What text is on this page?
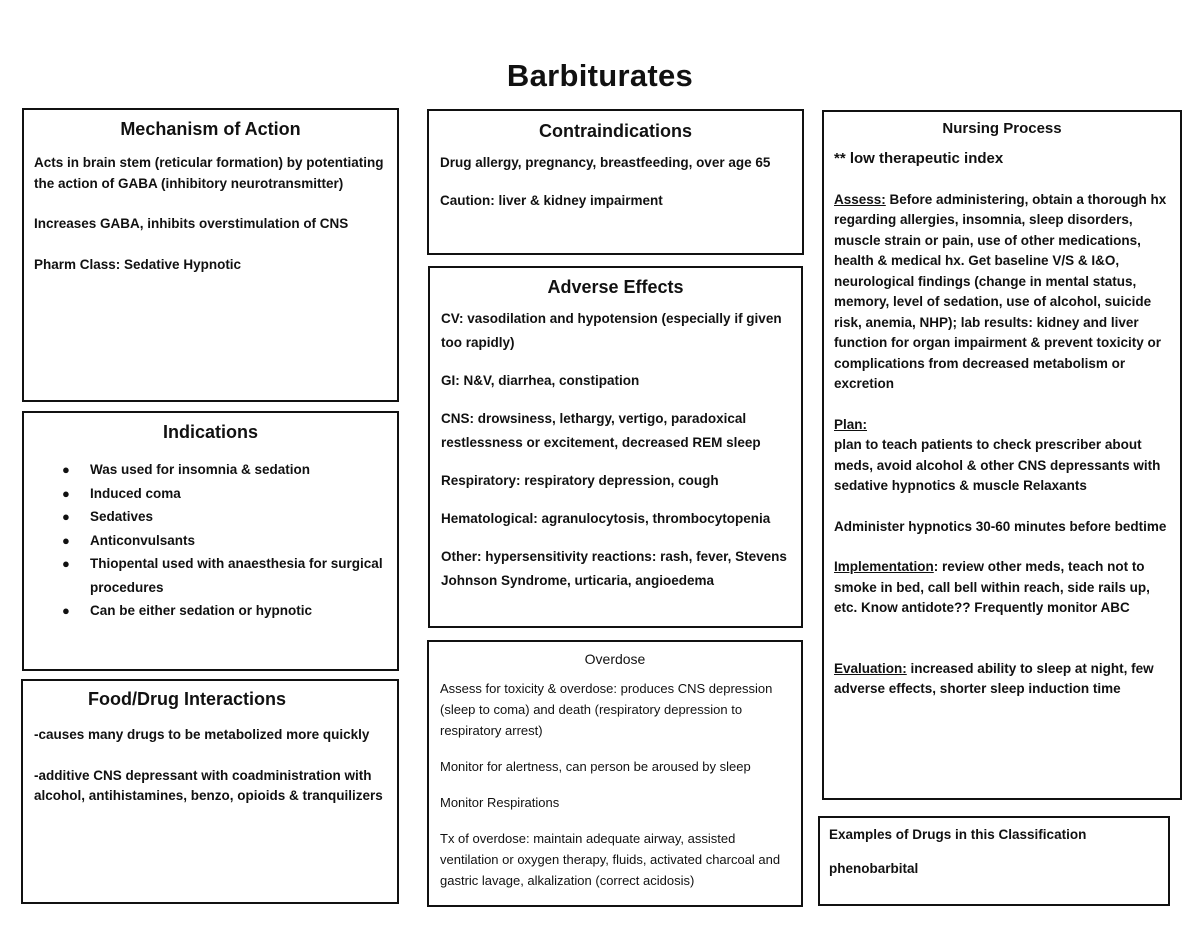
Barbiturates
Mechanism of Action

Acts in brain stem (reticular formation) by potentiating the action of GABA (inhibitory neurotransmitter)

Increases GABA, inhibits overstimulation of CNS

Pharm Class: Sedative Hypnotic

Contraindications

Drug allergy, pregnancy, breastfeeding, over age 65

Caution: liver & kidney impairment

Nursing Process

** low therapeutic index

Assess: Before administering, obtain a thorough hx regarding allergies, insomnia, sleep disorders, muscle strain or pain, use of other medications, health & medical hx. Get baseline V/S & I&O, neurological findings (change in mental status, memory, level of sedation, use of alcohol, suicide risk, anemia, NHP); lab results: kidney and liver function for organ impairment & prevent toxicity or complications from decreased metabolism or excretion

Plan:
plan to teach patients to check prescriber about meds, avoid alcohol & other CNS depressants with sedative hypnotics & muscle Relaxants

Administer hypnotics 30-60 minutes before bedtime

Implementation: review other meds, teach not to smoke in bed, call bell within reach, side rails up, etc. Know antidote?? Frequently monitor ABC

Evaluation: increased ability to sleep at night, few adverse effects, shorter sleep induction time

Adverse Effects

CV: vasodilation and hypotension (especially if given too rapidly)

GI: N&V, diarrhea, constipation

CNS: drowsiness, lethargy, vertigo, paradoxical restlessness or excitement, decreased REM sleep

Respiratory: respiratory depression, cough

Hematological: agranulocytosis, thrombocytopenia

Other: hypersensitivity reactions: rash, fever, Stevens Johnson Syndrome, urticaria, angioedema

Indications
● Was used for insomnia & sedation
● Induced coma
● Sedatives
● Anticonvulsants
● Thiopental used with anaesthesia for surgical procedures
● Can be either sedation or hypnotic
Food/Drug Interactions

-causes many drugs to be metabolized more quickly

-additive CNS depressant with coadministration with alcohol, antihistamines, benzo, opioids & tranquilizers

Overdose

Assess for toxicity & overdose: produces CNS depression (sleep to coma) and death (respiratory depression to respiratory arrest)

Monitor for alertness, can person be aroused by sleep

Monitor Respirations

Tx of overdose: maintain adequate airway, assisted ventilation or oxygen therapy, fluids, activated charcoal and gastric lavage, alkalization (correct acidosis)

Examples of Drugs in this Classification
phenobarbital
